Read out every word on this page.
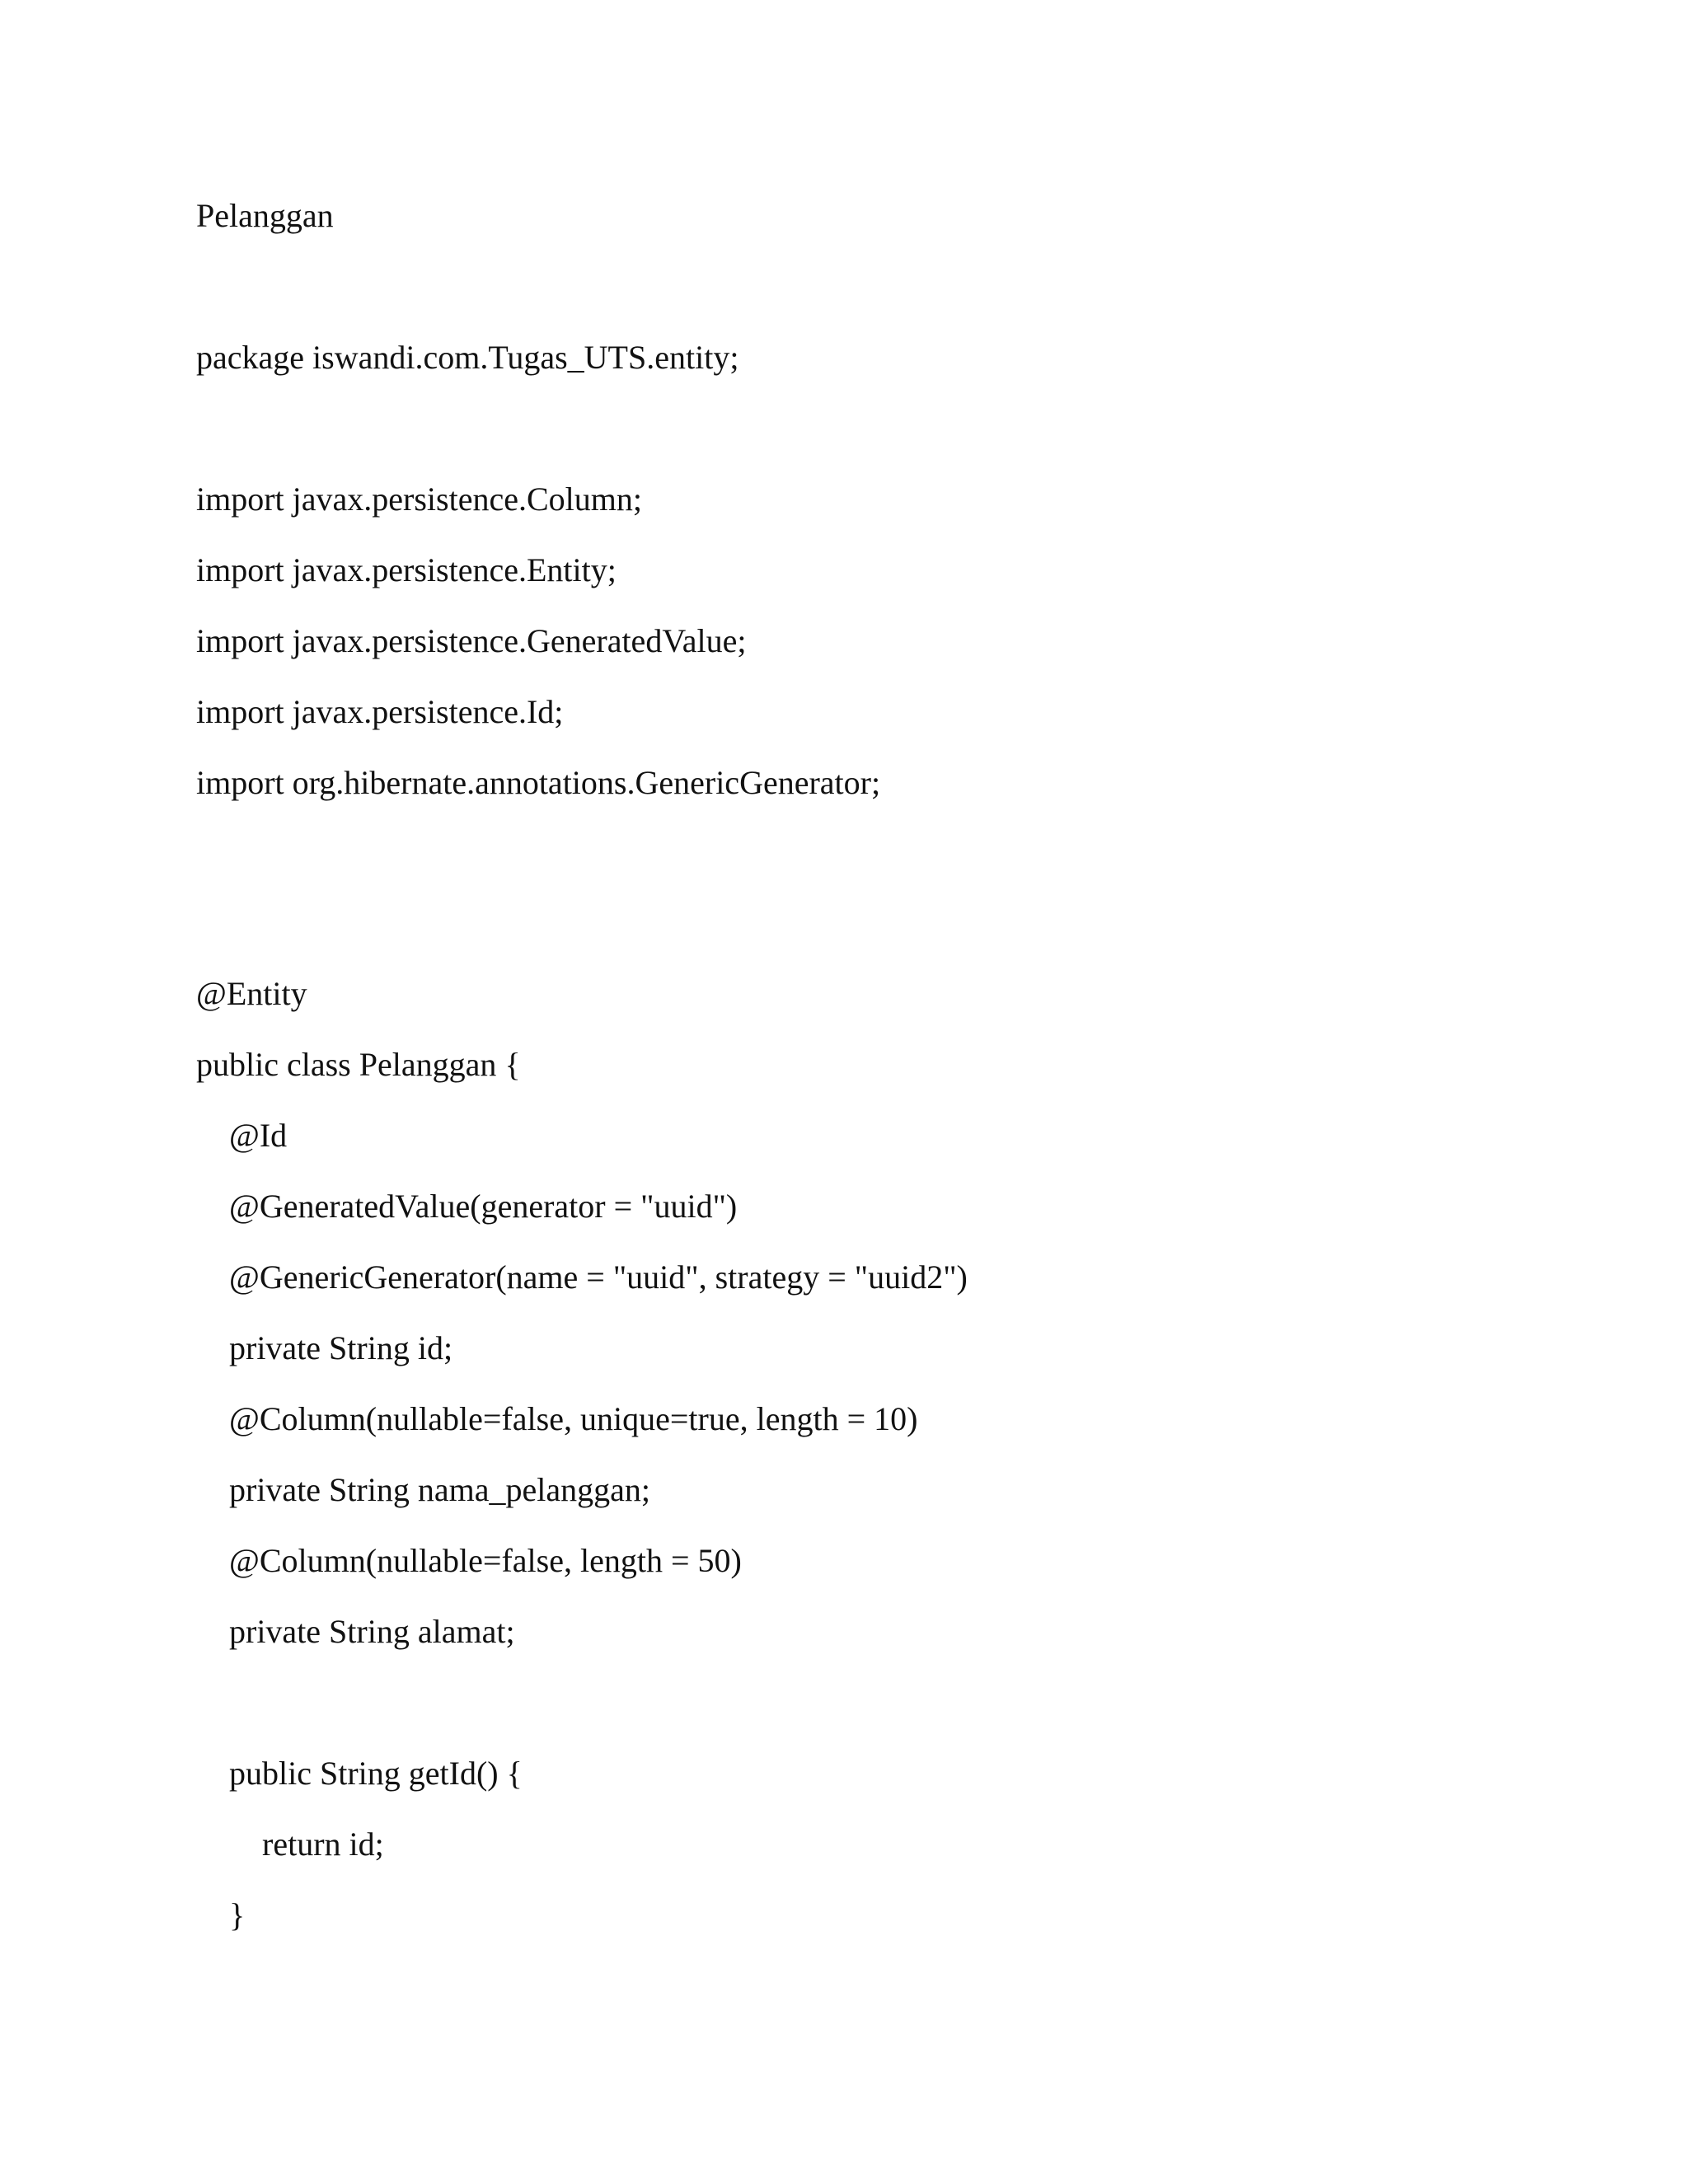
Pelanggan
package iswandi.com.Tugas_UTS.entity;
import javax.persistence.Column;
import javax.persistence.Entity;
import javax.persistence.GeneratedValue;
import javax.persistence.Id;
import org.hibernate.annotations.GenericGenerator;
@Entity
public class Pelanggan {
@Id
@GeneratedValue(generator = "uuid")
@GenericGenerator(name = "uuid", strategy = "uuid2")
private String id;
@Column(nullable=false, unique=true, length = 10)
private String nama_pelanggan;
@Column(nullable=false, length = 50)
private String alamat;
public String getId() {
return id;
}
